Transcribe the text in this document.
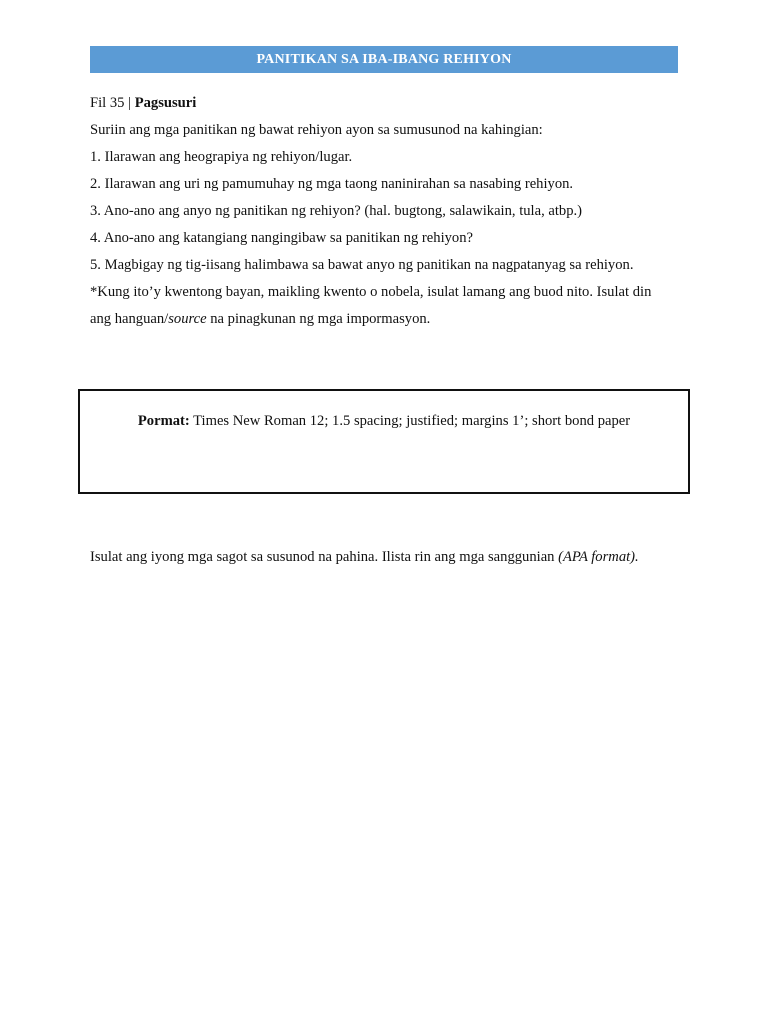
PANITIKAN SA IBA-IBANG REHIYON
Fil 35 | Pagsusuri
Suriin ang mga panitikan ng bawat rehiyon ayon sa sumusunod na kahingian:
1. Ilarawan ang heograpiya ng rehiyon/lugar.
2. Ilarawan ang uri ng pamumuhay ng mga taong naninirahan sa nasabing rehiyon.
3. Ano-ano ang anyo ng panitikan ng rehiyon? (hal. bugtong, salawikain, tula, atbp.)
4. Ano-ano ang katangiang nangingibaw sa panitikan ng rehiyon?
5. Magbigay ng tig-iisang halimbawa sa bawat anyo ng panitikan na nagpatanyag sa rehiyon.
*Kung ito’y kwentong bayan, maikling kwento o nobela, isulat lamang ang buod nito. Isulat din
ang hanguan/source na pinagkunan ng mga impormasyon.
Pormat: Times New Roman 12; 1.5 spacing; justified; margins 1’; short bond paper
Isulat ang iyong mga sagot sa susunod na pahina. Ilista rin ang mga sanggunian (APA format).
